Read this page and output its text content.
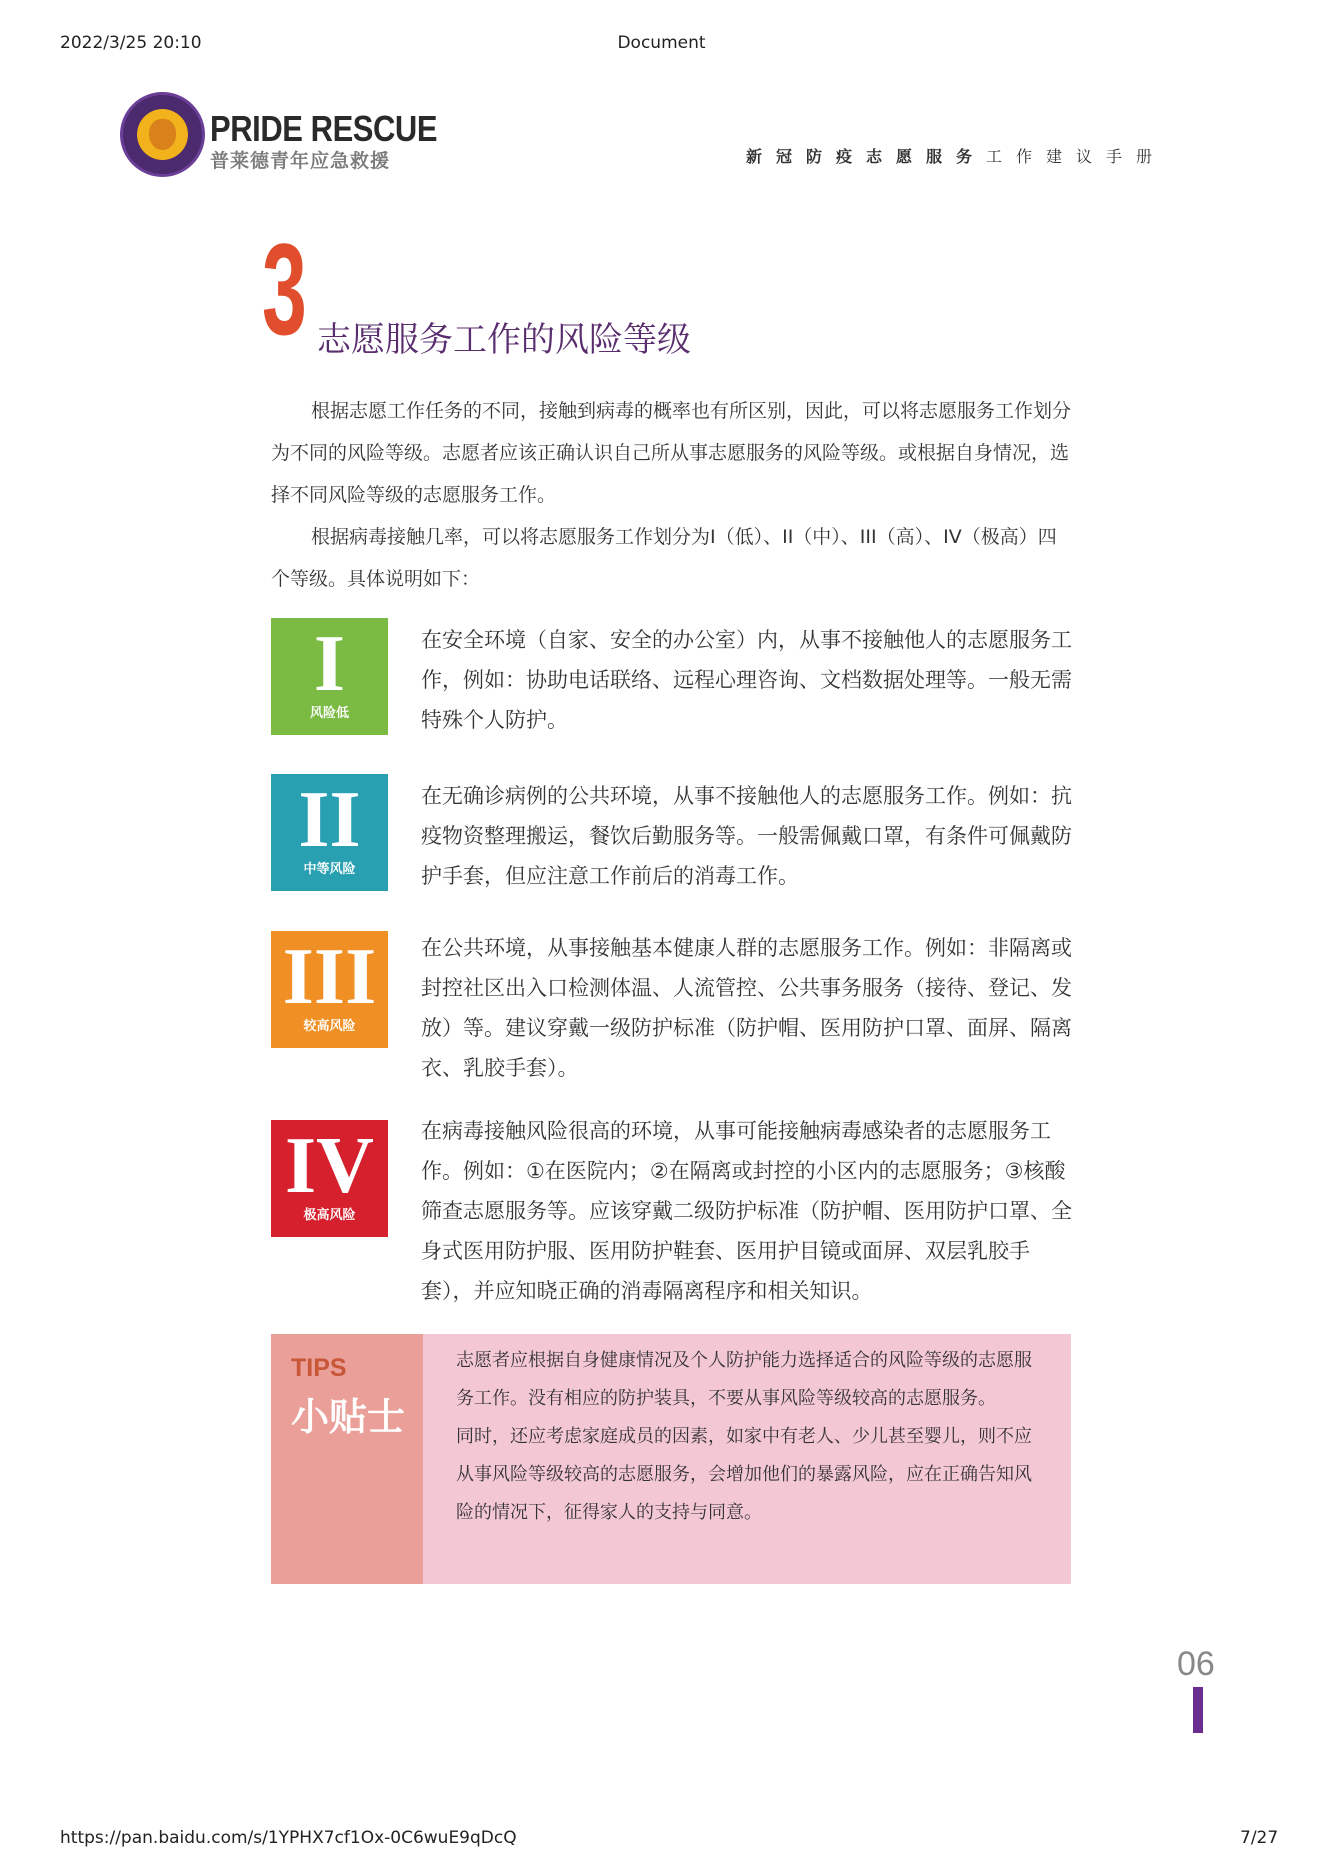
2022/3/25 20:10	Document
PRIDE RESCUE
普莱德青年应急救援	新冠防疫志愿服务工作建议手册
3 志愿服务工作的风险等级
根据志愿工作任务的不同，接触到病毒的概率也有所区别，因此，可以将志愿服务工作划分为不同的风险等级。志愿者应该正确认识自己所从事志愿服务的风险等级。或根据自身情况，选择不同风险等级的志愿服务工作。
根据病毒接触几率，可以将志愿服务工作划分为I（低）、II（中）、III（高）、IV（极高）四个等级。具体说明如下：
I
风险低
在安全环境（自家、安全的办公室）内，从事不接触他人的志愿服务工作，例如：协助电话联络、远程心理咨询、文档数据处理等。一般无需特殊个人防护。
II
中等风险
在无确诊病例的公共环境，从事不接触他人的志愿服务工作。例如：抗疫物资整理搬运，餐饮后勤服务等。一般需佩戴口罩，有条件可佩戴防护手套，但应注意工作前后的消毒工作。
III
较高风险
在公共环境，从事接触基本健康人群的志愿服务工作。例如：非隔离或封控社区出入口检测体温、人流管控、公共事务服务（接待、登记、发放）等。建议穿戴一级防护标准（防护帽、医用防护口罩、面屏、隔离衣、乳胶手套）。
IV
极高风险
在病毒接触风险很高的环境，从事可能接触病毒感染者的志愿服务工作。例如：①在医院内；②在隔离或封控的小区内的志愿服务；③核酸筛查志愿服务等。应该穿戴二级防护标准（防护帽、医用防护口罩、全身式医用防护服、医用防护鞋套、医用护目镜或面屏、双层乳胶手套），并应知晓正确的消毒隔离程序和相关知识。
TIPS
小贴士
志愿者应根据自身健康情况及个人防护能力选择适合的风险等级的志愿服务工作。没有相应的防护装具，不要从事风险等级较高的志愿服务。
同时，还应考虑家庭成员的因素，如家中有老人、少儿甚至婴儿，则不应从事风险等级较高的志愿服务，会增加他们的暴露风险，应在正确告知风险的情况下，征得家人的支持与同意。
06
https://pan.baidu.com/s/1YPHX7cf1Ox-0C6wuE9qDcQ	7/27
